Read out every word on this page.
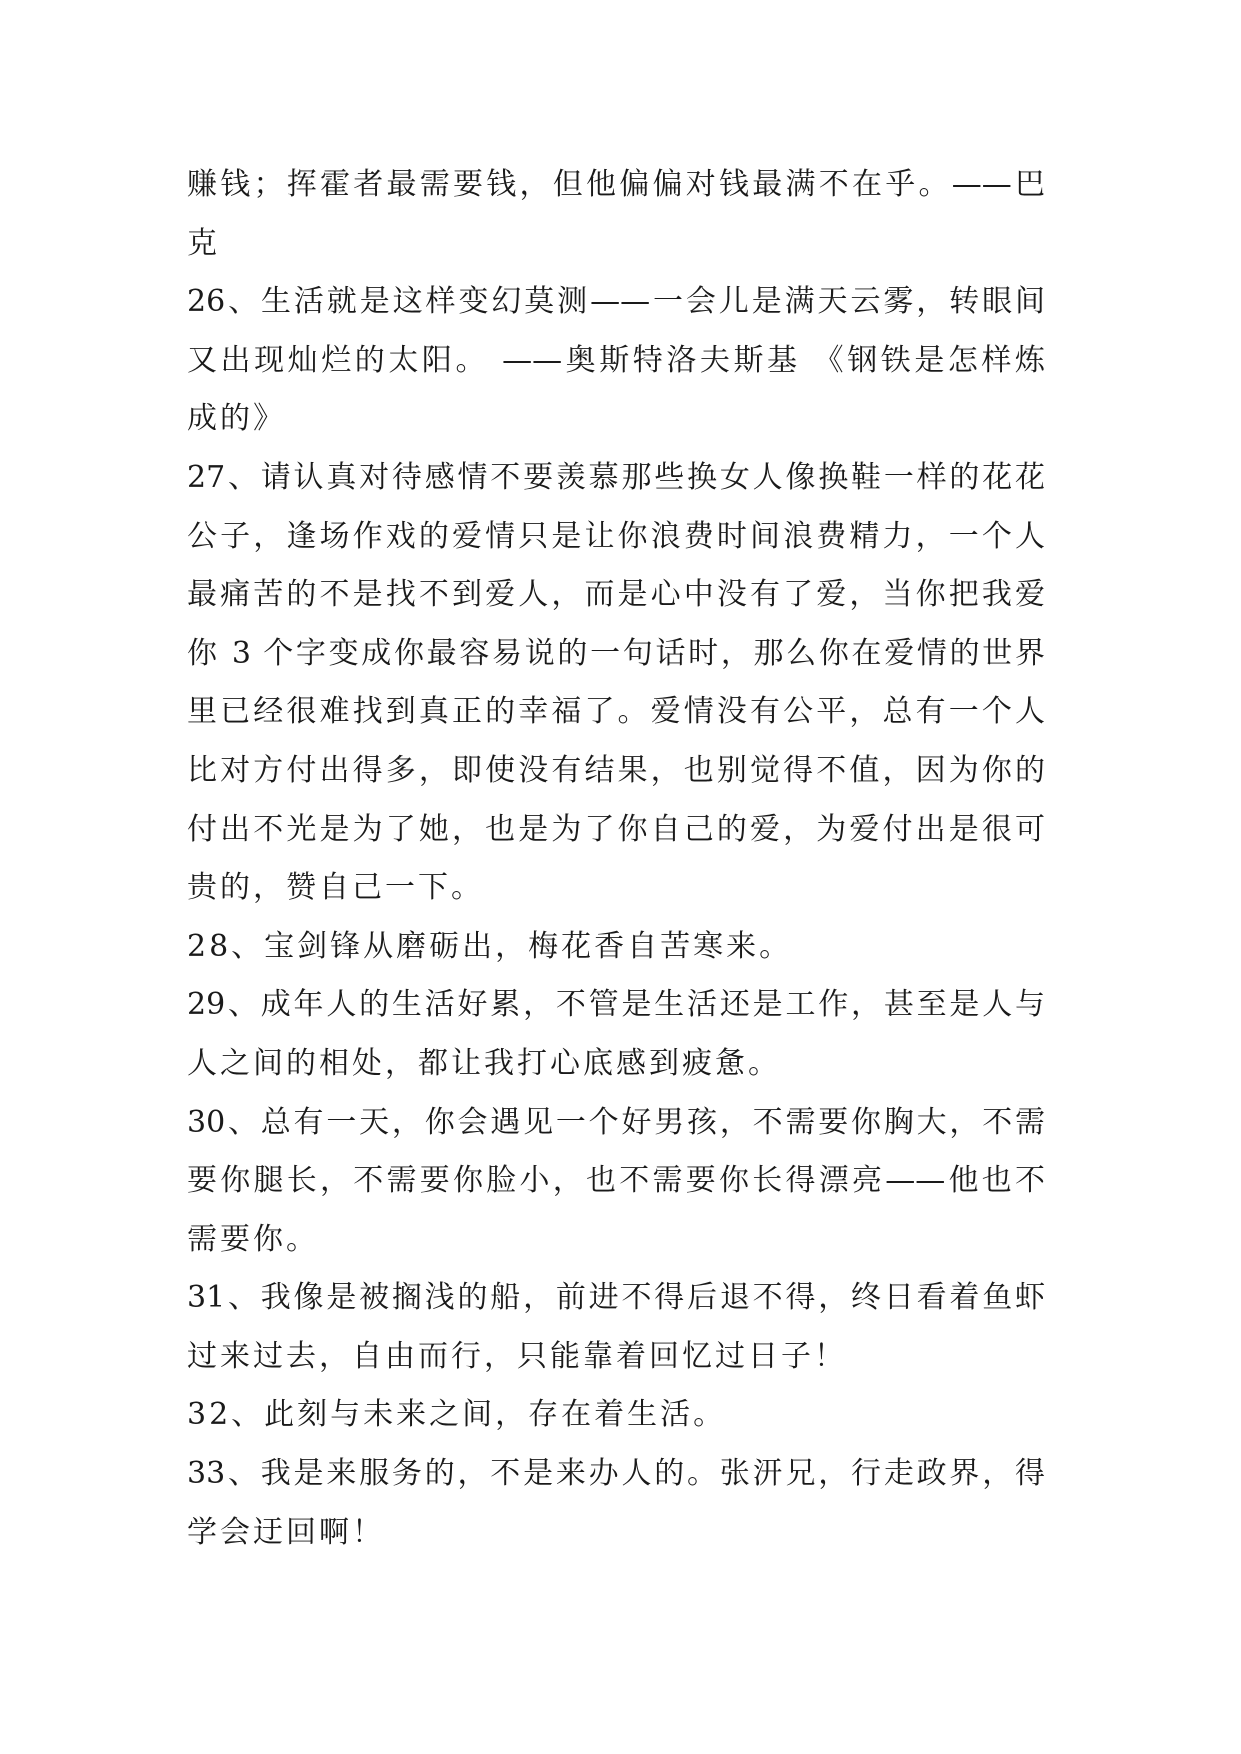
赚钱；挥霍者最需要钱，但他偏偏对钱最满不在乎。——巴
克
26、生活就是这样变幻莫测——一会儿是满天云雾，转眼间
又出现灿烂的太阳。 ——奥斯特洛夫斯基 《钢铁是怎样炼
成的》
27、请认真对待感情不要羡慕那些换女人像换鞋一样的花花
公子，逢场作戏的爱情只是让你浪费时间浪费精力，一个人
最痛苦的不是找不到爱人，而是心中没有了爱，当你把我爱
你 3 个字变成你最容易说的一句话时，那么你在爱情的世界
里已经很难找到真正的幸福了。爱情没有公平，总有一个人
比对方付出得多，即使没有结果，也别觉得不值，因为你的
付出不光是为了她，也是为了你自己的爱，为爱付出是很可
贵的，赞自己一下。
28、宝剑锋从磨砺出，梅花香自苦寒来。
29、成年人的生活好累，不管是生活还是工作，甚至是人与
人之间的相处，都让我打心底感到疲惫。
30、总有一天，你会遇见一个好男孩，不需要你胸大，不需
要你腿长，不需要你脸小，也不需要你长得漂亮——他也不
需要你。
31、我像是被搁浅的船，前进不得后退不得，终日看着鱼虾
过来过去，自由而行，只能靠着回忆过日子！
32、此刻与未来之间，存在着生活。
33、我是来服务的，不是来办人的。张汧兄，行走政界，得
学会迂回啊！
